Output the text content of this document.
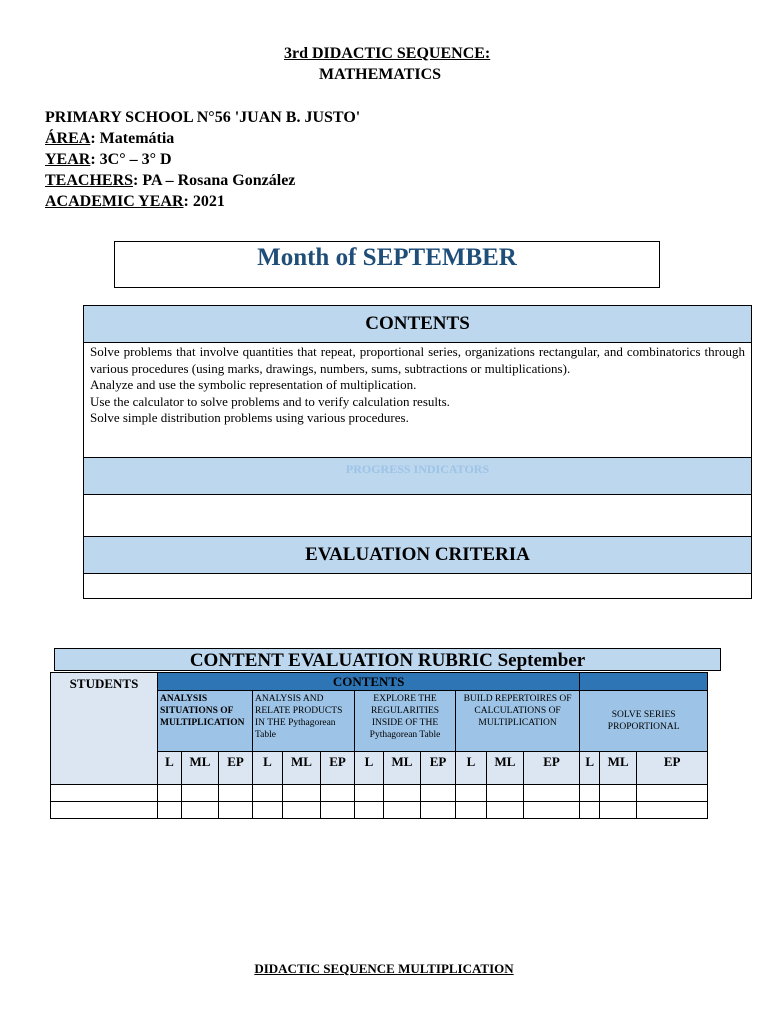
3rd DIDACTIC SEQUENCE:
MATHEMATICS
PRIMARY SCHOOL N°56 'JUAN B. JUSTO'
ÁREA: Matemátia
YEAR: 3C° – 3° D
TEACHERS: PA – Rosana González
ACADEMIC YEAR: 2021
Month of SEPTEMBER
CONTENTS

Solve problems that involve quantities that repeat, proportional series, organizations rectangular, and combinatorics through various procedures (using marks, drawings, numbers, sums, subtractions or multiplications).

Analyze and use the symbolic representation of multiplication.

Use the calculator to solve problems and to verify calculation results.

Solve simple distribution problems using various procedures.

PROGRESS INDICATORS

EVALUATION CRITERIA

CONTENT EVALUATION RUBRIC September
STUDENTS	CONTENTS														
	ANALYSIS SITUATIONS OF MULTIPLICATION			ANALYSIS AND RELATE PRODUCTS IN THE Pythagorean Table			EXPLORE THE REGULARITIES INSIDE OF THE Pythagorean Table			BUILD REPERTOIRES OF CALCULATIONS OF MULTIPLICATION			SOLVE SERIES PROPORTIONAL		
	L	ML	EP	L	ML	EP	L	ML	EP	L	ML	EP	L	ML	EP

DIDACTIC SEQUENCE MULTIPLICATION
